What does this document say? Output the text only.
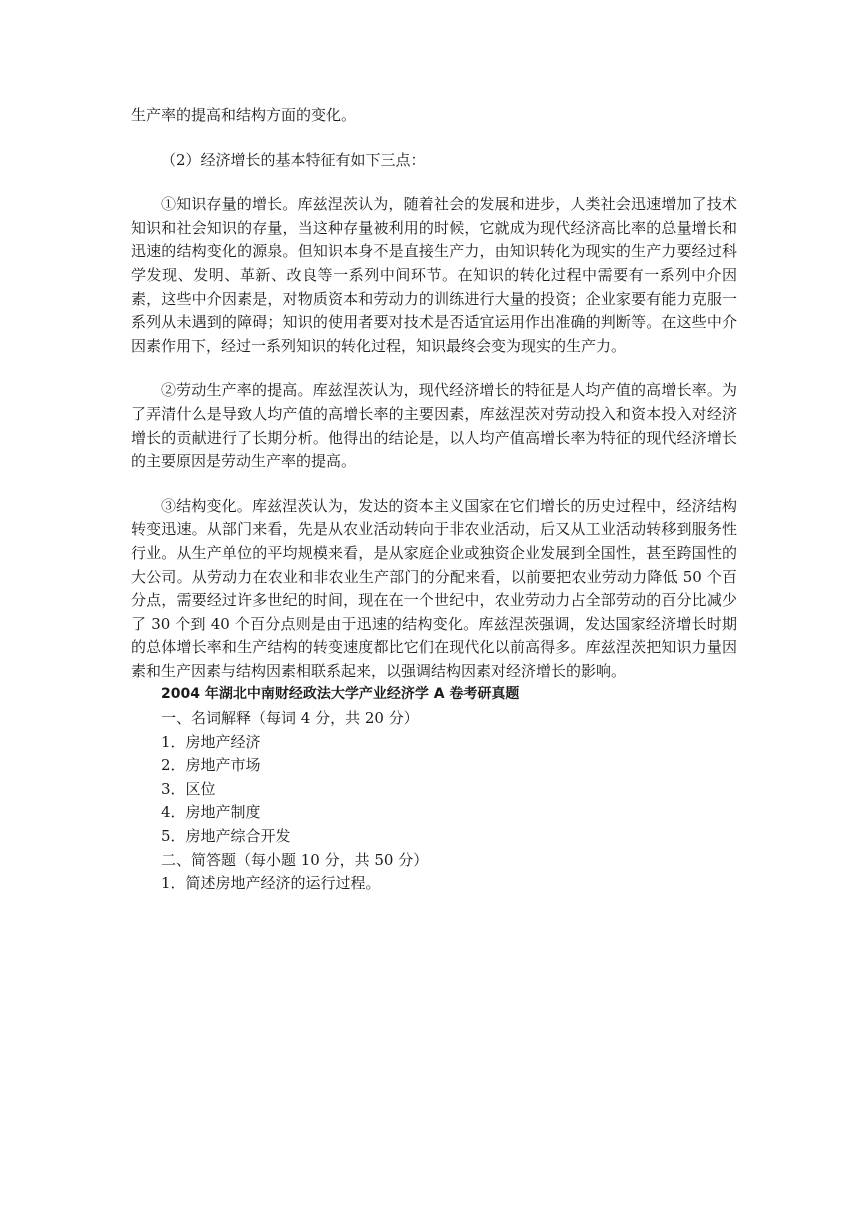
生产率的提高和结构方面的变化。

（2）经济增长的基本特征有如下三点：

①知识存量的增长。库兹涅茨认为，随着社会的发展和进步，人类社会迅速增加了技术知识和社会知识的存量，当这种存量被利用的时候，它就成为现代经济高比率的总量增长和迅速的结构变化的源泉。但知识本身不是直接生产力，由知识转化为现实的生产力要经过科学发现、发明、革新、改良等一系列中间环节。在知识的转化过程中需要有一系列中介因素，这些中介因素是，对物质资本和劳动力的训练进行大量的投资；企业家要有能力克服一系列从未遇到的障碍；知识的使用者要对技术是否适宜运用作出准确的判断等。在这些中介因素作用下，经过一系列知识的转化过程，知识最终会变为现实的生产力。

②劳动生产率的提高。库兹涅茨认为，现代经济增长的特征是人均产值的高增长率。为了弄清什么是导致人均产值的高增长率的主要因素，库兹涅茨对劳动投入和资本投入对经济增长的贡献进行了长期分析。他得出的结论是，以人均产值高增长率为特征的现代经济增长的主要原因是劳动生产率的提高。

③结构变化。库兹涅茨认为，发达的资本主义国家在它们增长的历史过程中，经济结构转变迅速。从部门来看，先是从农业活动转向于非农业活动，后又从工业活动转移到服务性行业。从生产单位的平均规模来看，是从家庭企业或独资企业发展到全国性，甚至跨国性的大公司。从劳动力在农业和非农业生产部门的分配来看，以前要把农业劳动力降低 50 个百分点，需要经过许多世纪的时间，现在在一个世纪中，农业劳动力占全部劳动的百分比减少了 30 个到 40 个百分点则是由于迅速的结构变化。库兹涅茨强调，发达国家经济增长时期的总体增长率和生产结构的转变速度都比它们在现代化以前高得多。库兹涅茨把知识力量因素和生产因素与结构因素相联系起来，以强调结构因素对经济增长的影响。

2004 年湖北中南财经政法大学产业经济学 A 卷考研真题

一、名词解释（每词 4 分，共 20 分）

1．房地产经济

2．房地产市场

3．区位

4．房地产制度

5．房地产综合开发

二、简答题（每小题 10 分，共 50 分）

1．简述房地产经济的运行过程。
